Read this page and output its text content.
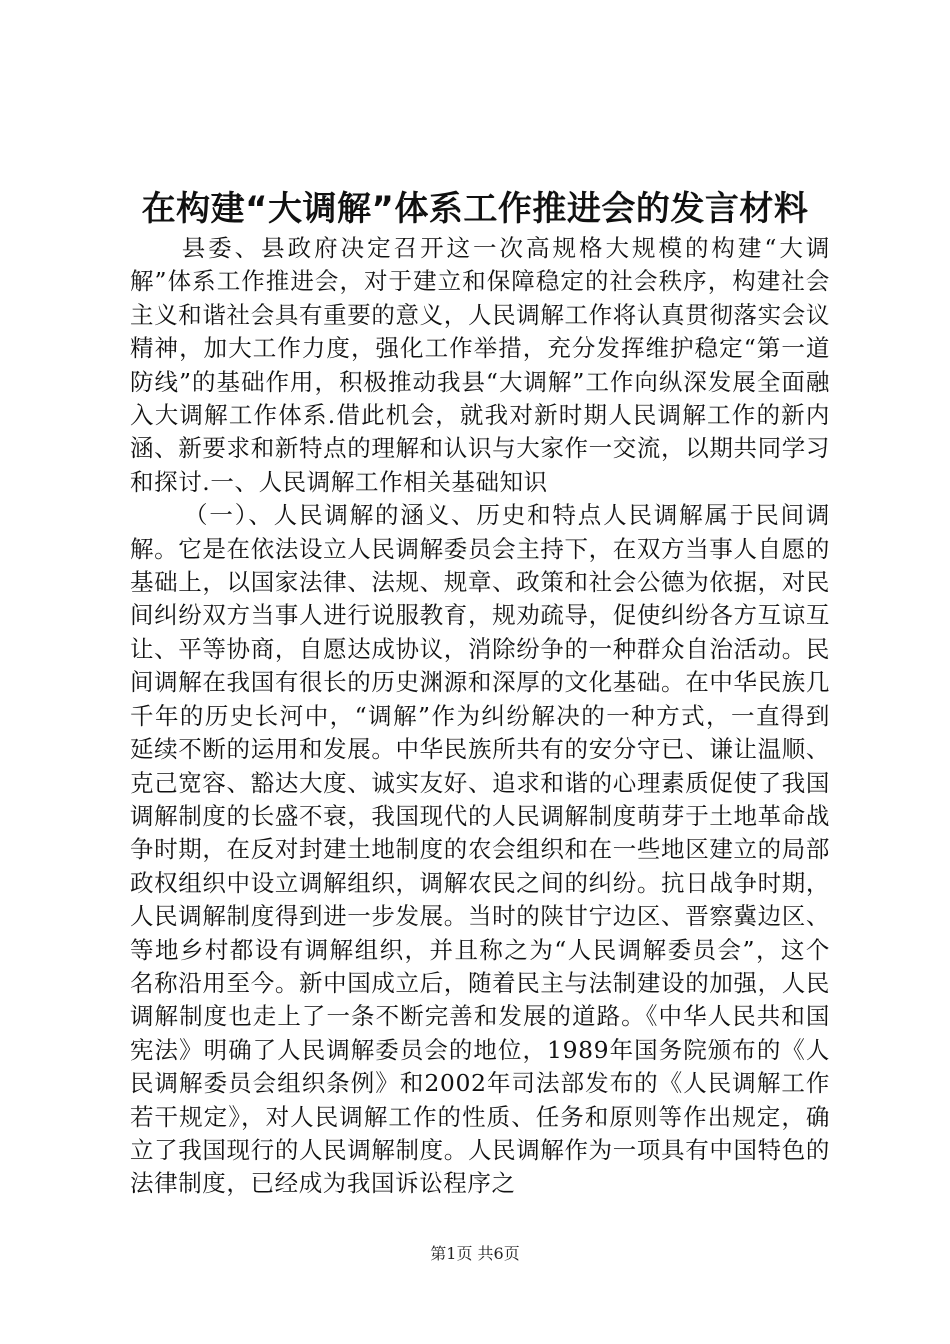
在构建“大调解”体系工作推进会的发言材料

县委、县政府决定召开这一次高规格大规模的构建“大调解”体系工作推进会，对于建立和保障稳定的社会秩序，构建社会主义和谐社会具有重要的意义，人民调解工作将认真贯彻落实会议精神，加大工作力度，强化工作举措，充分发挥维护稳定“第一道防线”的基础作用，积极推动我县“大调解”工作向纵深发展全面融入大调解工作体系.借此机会，就我对新时期人民调解工作的新内涵、新要求和新特点的理解和认识与大家作一交流，以期共同学习和探讨.一、人民调解工作相关基础知识

（一）、人民调解的涵义、历史和特点人民调解属于民间调解。它是在依法设立人民调解委员会主持下，在双方当事人自愿的基础上，以国家法律、法规、规章、政策和社会公德为依据，对民间纠纷双方当事人进行说服教育，规劝疏导，促使纠纷各方互谅互让、平等协商，自愿达成协议，消除纷争的一种群众自治活动。民间调解在我国有很长的历史渊源和深厚的文化基础。在中华民族几千年的历史长河中，“调解”作为纠纷解决的一种方式，一直得到延续不断的运用和发展。中华民族所共有的安分守已、谦让温顺、克己宽容、豁达大度、诚实友好、追求和谐的心理素质促使了我国调解制度的长盛不衰，我国现代的人民调解制度萌芽于土地革命战争时期，在反对封建土地制度的农会组织和在一些地区建立的局部政权组织中设立调解组织，调解农民之间的纠纷。抗日战争时期，人民调解制度得到进一步发展。当时的陕甘宁边区、晋察冀边区、等地乡村都设有调解组织，并且称之为“人民调解委员会”，这个名称沿用至今。新中国成立后，随着民主与法制建设的加强，人民调解制度也走上了一条不断完善和发展的道路。《中华人民共和国宪法》明确了人民调解委员会的地位，1989年国务院颁布的《人民调解委员会组织条例》和2002年司法部发布的《人民调解工作若干规定》，对人民调解工作的性质、任务和原则等作出规定，确立了我国现行的人民调解制度。人民调解作为一项具有中国特色的法律制度，已经成为我国诉讼程序之

第1页 共6页
